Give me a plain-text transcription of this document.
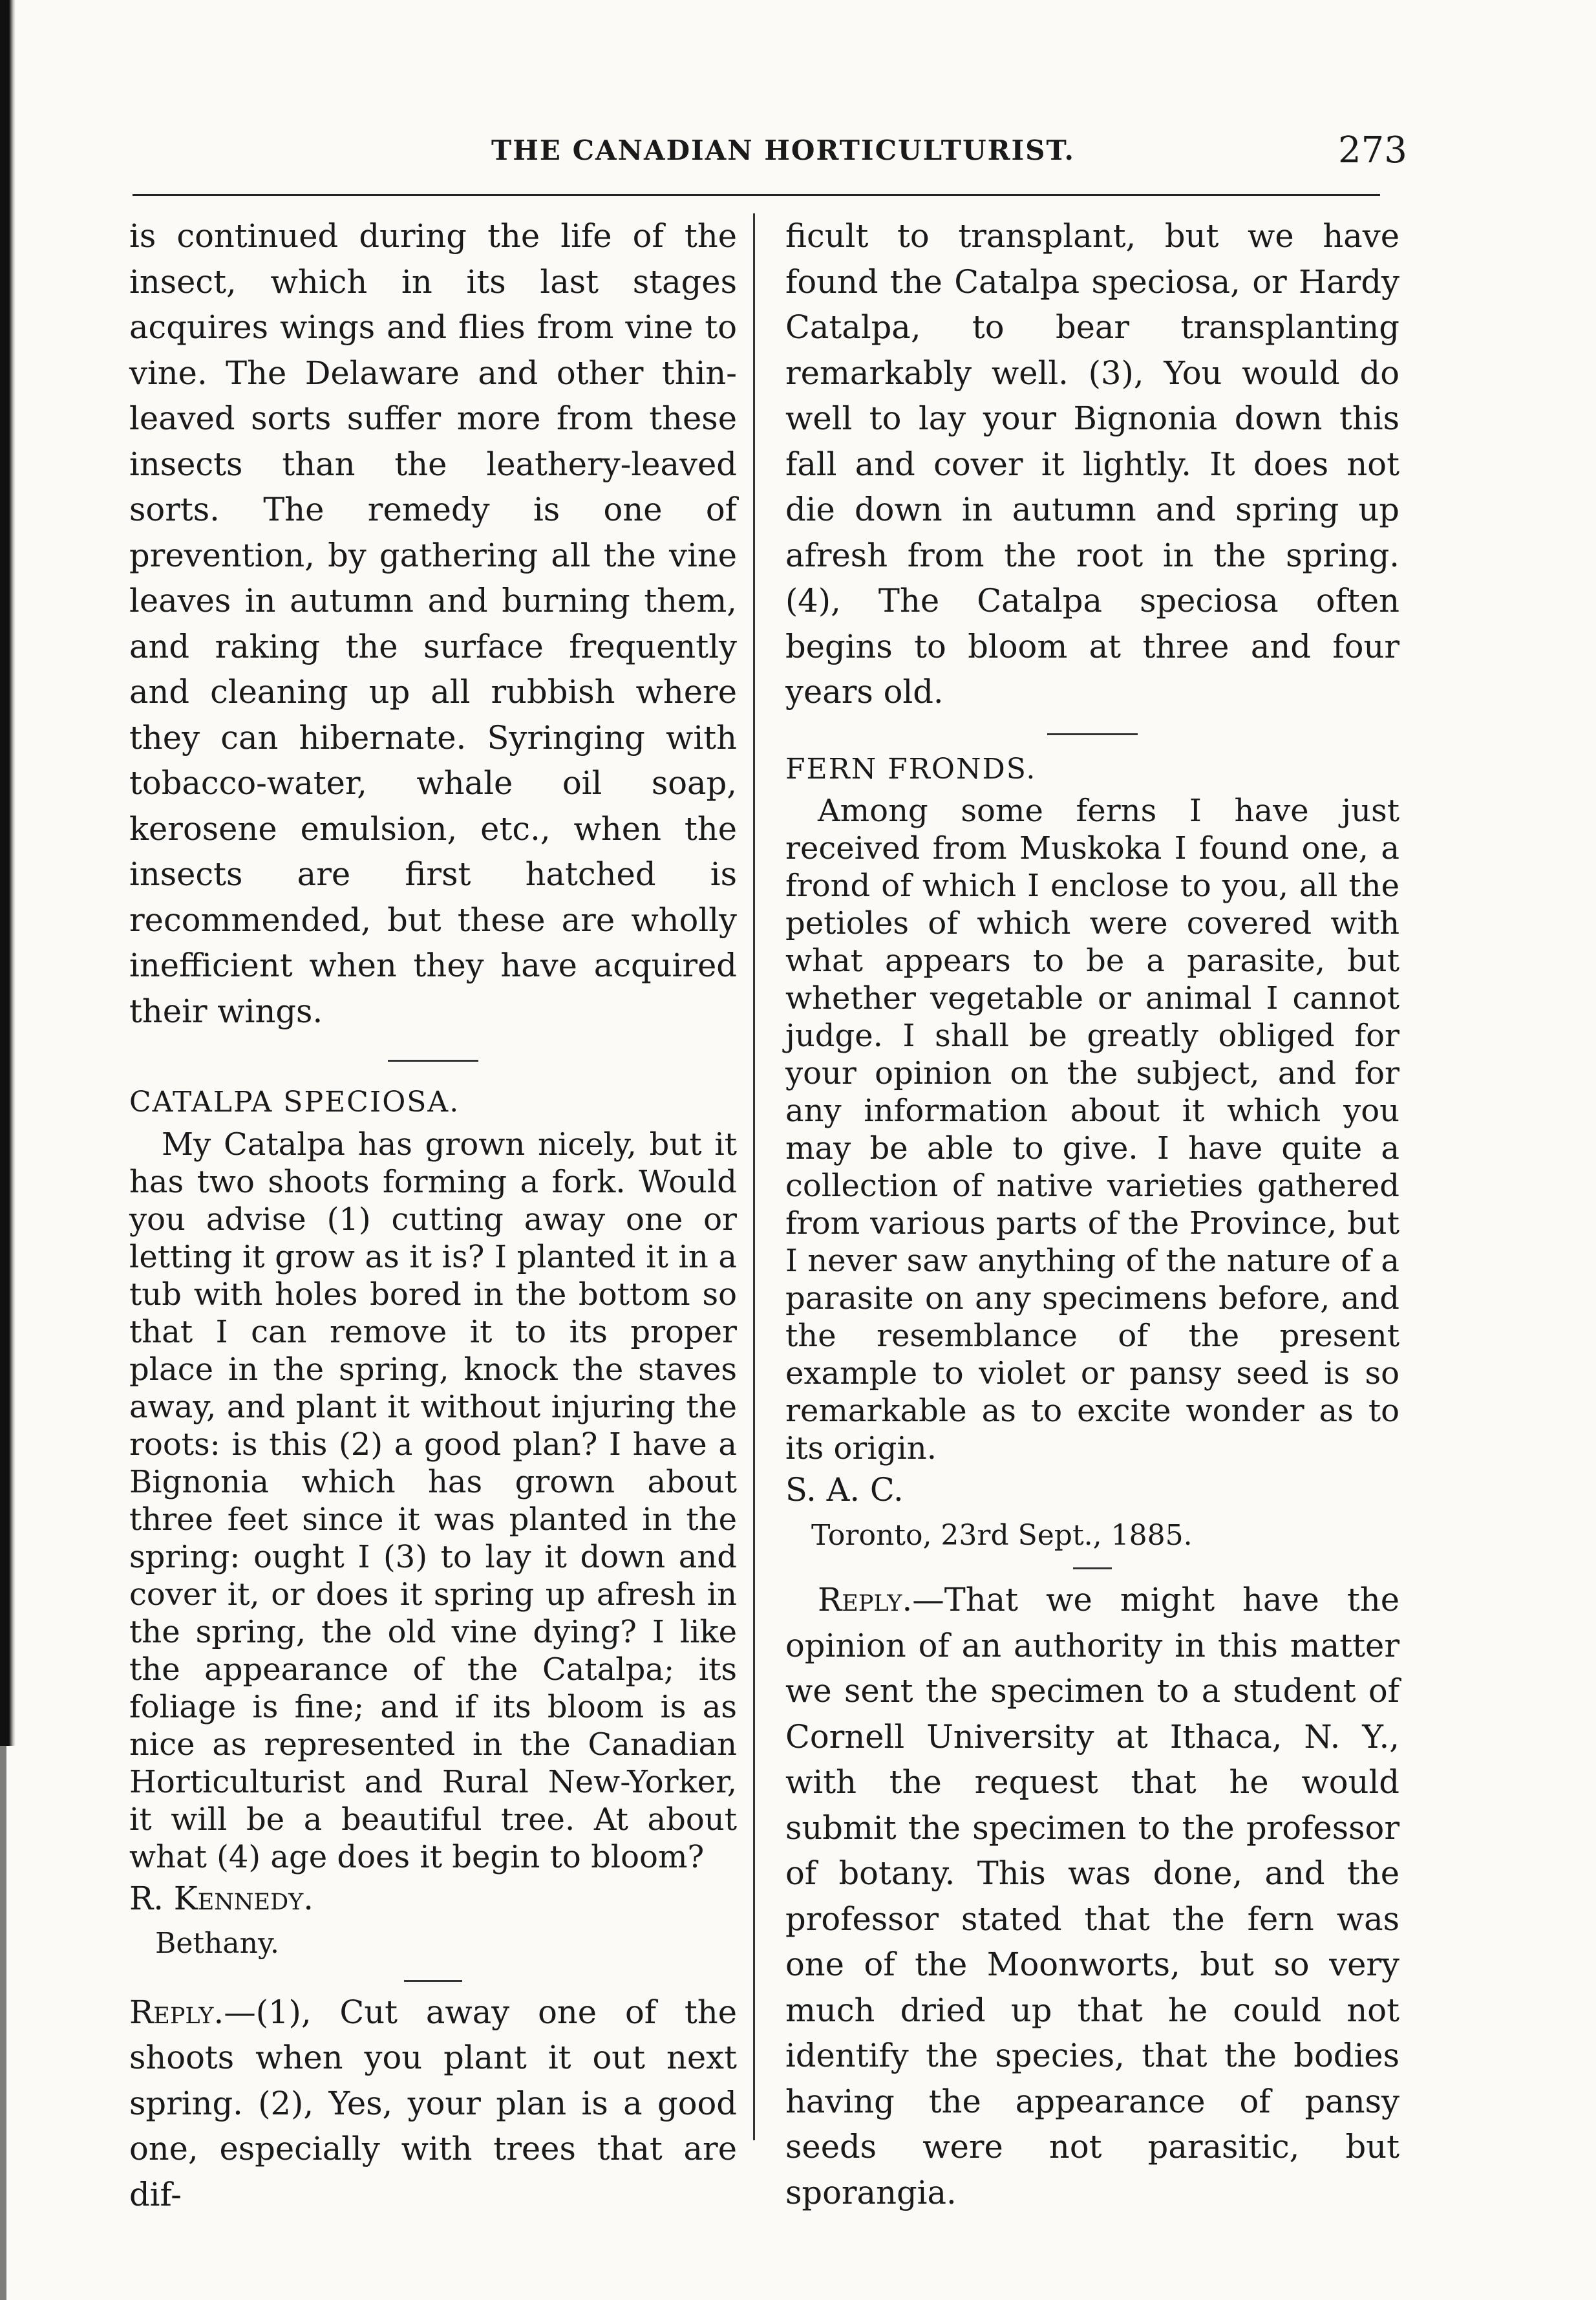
THE CANADIAN HORTICULTURIST.	273

is continued during the life of the insect, which in its last stages acquires wings and flies from vine to vine. The Delaware and other thin-leaved sorts suffer more from these insects than the leathery-leaved sorts. The remedy is one of prevention, by gathering all the vine leaves in autumn and burning them, and raking the surface frequently and cleaning up all rubbish where they can hibernate. Syringing with tobacco-water, whale oil soap, kerosene emulsion, etc., when the insects are first hatched is recommended, but these are wholly inefficient when they have acquired their wings.

CATALPA SPECIOSA.

My Catalpa has grown nicely, but it has two shoots forming a fork. Would you advise (1) cutting away one or letting it grow as it is? I planted it in a tub with holes bored in the bottom so that I can remove it to its proper place in the spring, knock the staves away, and plant it without injuring the roots: is this (2) a good plan? I have a Bignonia which has grown about three feet since it was planted in the spring: ought I (3) to lay it down and cover it, or does it spring up afresh in the spring, the old vine dying? I like the appearance of the Catalpa; its foliage is fine; and if its bloom is as nice as represented in the Canadian Horticulturist and Rural New-Yorker, it will be a beautiful tree. At about what (4) age does it begin to bloom?

R. Kennedy.

Bethany.

Reply.—(1), Cut away one of the shoots when you plant it out next spring. (2), Yes, your plan is a good one, especially with trees that are dif-

ficult to transplant, but we have found the Catalpa speciosa, or Hardy Catalpa, to bear transplanting remarkably well. (3), You would do well to lay your Bignonia down this fall and cover it lightly. It does not die down in autumn and spring up afresh from the root in the spring. (4), The Catalpa speciosa often begins to bloom at three and four years old.

FERN FRONDS.

Among some ferns I have just received from Muskoka I found one, a frond of which I enclose to you, all the petioles of which were covered with what appears to be a parasite, but whether vegetable or animal I cannot judge. I shall be greatly obliged for your opinion on the subject, and for any information about it which you may be able to give. I have quite a collection of native varieties gathered from various parts of the Province, but I never saw anything of the nature of a parasite on any specimens before, and the resemblance of the present example to violet or pansy seed is so remarkable as to excite wonder as to its origin.

S. A. C.

Toronto, 23rd Sept., 1885.

Reply.—That we might have the opinion of an authority in this matter we sent the specimen to a student of Cornell University at Ithaca, N. Y., with the request that he would submit the specimen to the professor of botany. This was done, and the professor stated that the fern was one of the Moonworts, but so very much dried up that he could not identify the species, that the bodies having the appearance of pansy seeds were not parasitic, but sporangia.
